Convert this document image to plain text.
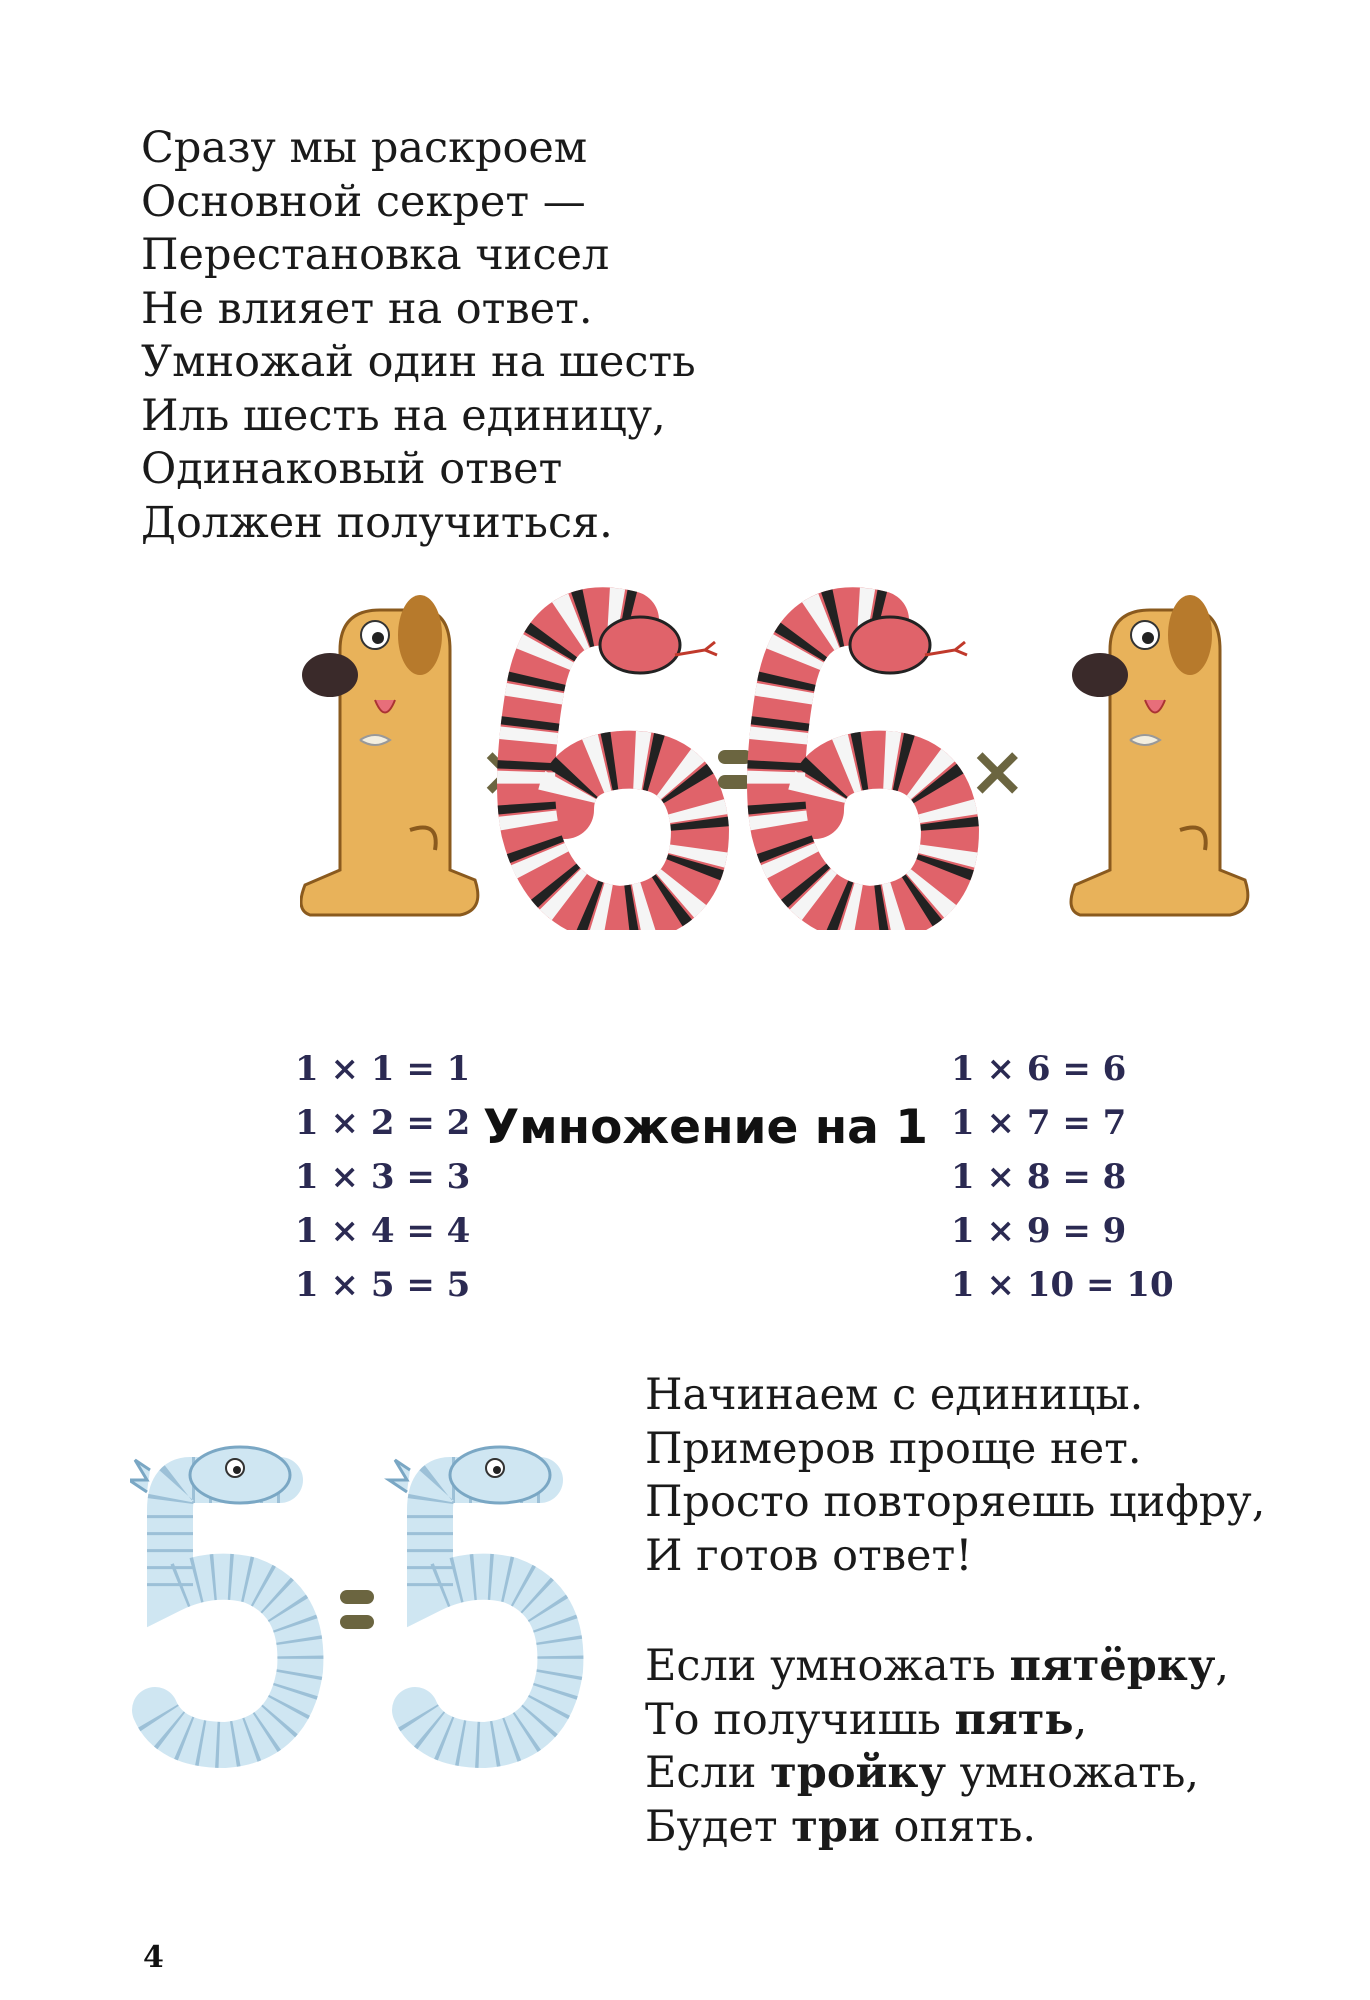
Сразу мы раскроем
Основной секрет —
Перестановка чисел
Не влияет на ответ.
Умножай один на шесть
Иль шесть на единицу,
Одинаковый ответ
Должен получиться.
×	×
1 × 1 = 1
1 × 2 = 2
1 × 3 = 3
1 × 4 = 4
1 × 5 = 5
Умножение на 1
1 × 6 = 6
1 × 7 = 7
1 × 8 = 8
1 × 9 = 9
1 × 10 = 10
Начинаем с единицы.
Примеров проще нет.
Просто повторяешь цифру,
И готов ответ!
Если умножать пятёрку,
То получишь пять,
Если тройку умножать,
Будет три опять.
4
